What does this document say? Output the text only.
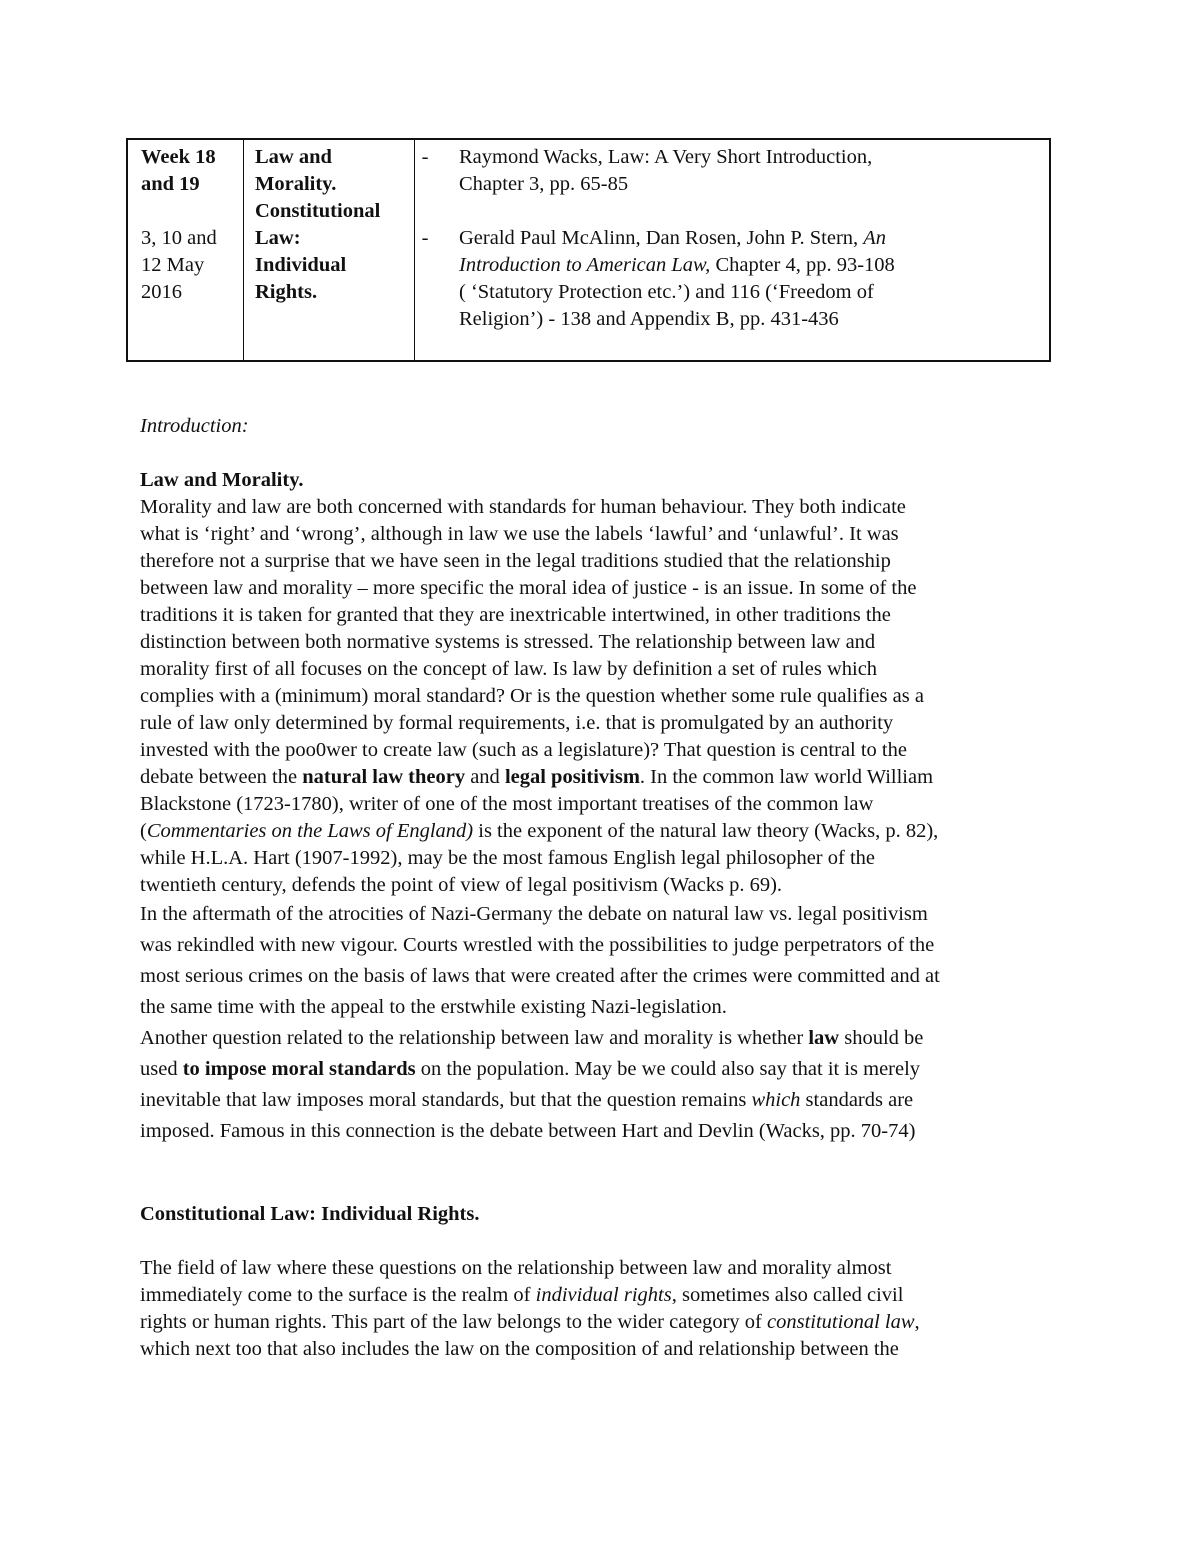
Week 18
and 19
3, 10 and
12 May
2016
Law and
Morality.
Constitutional
Law:
Individual
Rights.
-	Raymond Wacks, Law: A Very Short Introduction,
Chapter 3, pp. 65-85
-	Gerald Paul McAlinn, Dan Rosen, John P. Stern, An
Introduction to American Law, Chapter 4, pp. 93-108
( ‘Statutory Protection etc.’) and 116 (‘Freedom of
Religion’) - 138 and Appendix B, pp. 431-436
Introduction:
Law and Morality.
Morality and law are both concerned with standards for human behaviour. They both indicate
what is ‘right’ and ‘wrong’, although in law we use the labels ‘lawful’ and ‘unlawful’. It was
therefore not a surprise that we have seen in the legal traditions studied that the relationship
between law and morality – more specific the moral idea of justice - is an issue. In some of the
traditions it is taken for granted that they are inextricable intertwined, in other traditions the
distinction between both normative systems is stressed. The relationship between law and
morality first of all focuses on the concept of law. Is law by definition a set of rules which
complies with a (minimum) moral standard? Or is the question whether some rule qualifies as a
rule of law only determined by formal requirements, i.e. that is promulgated by an authority
invested with the poo0wer to create law (such as a legislature)? That question is central to the
debate between the natural law theory and legal positivism. In the common law world William
Blackstone (1723-1780), writer of one of the most important treatises of the common law
(Commentaries on the Laws of England) is the exponent of the natural law theory (Wacks, p. 82),
while H.L.A. Hart (1907-1992), may be the most famous English legal philosopher of the
twentieth century, defends the point of view of legal positivism (Wacks p. 69).
In the aftermath of the atrocities of Nazi-Germany the debate on natural law vs. legal positivism
was rekindled with new vigour. Courts wrestled with the possibilities to judge perpetrators of the
most serious crimes on the basis of laws that were created after the crimes were committed and at
the same time with the appeal to the erstwhile existing Nazi-legislation.
Another question related to the relationship between law and morality is whether law should be
used to impose moral standards on the population. May be we could also say that it is merely
inevitable that law imposes moral standards, but that the question remains which standards are
imposed. Famous in this connection is the debate between Hart and Devlin (Wacks, pp. 70-74)
Constitutional Law: Individual Rights.
The field of law where these questions on the relationship between law and morality almost
immediately come to the surface is the realm of individual rights, sometimes also called civil
rights or human rights. This part of the law belongs to the wider category of constitutional law,
which next too that also includes the law on the composition of and relationship between the
